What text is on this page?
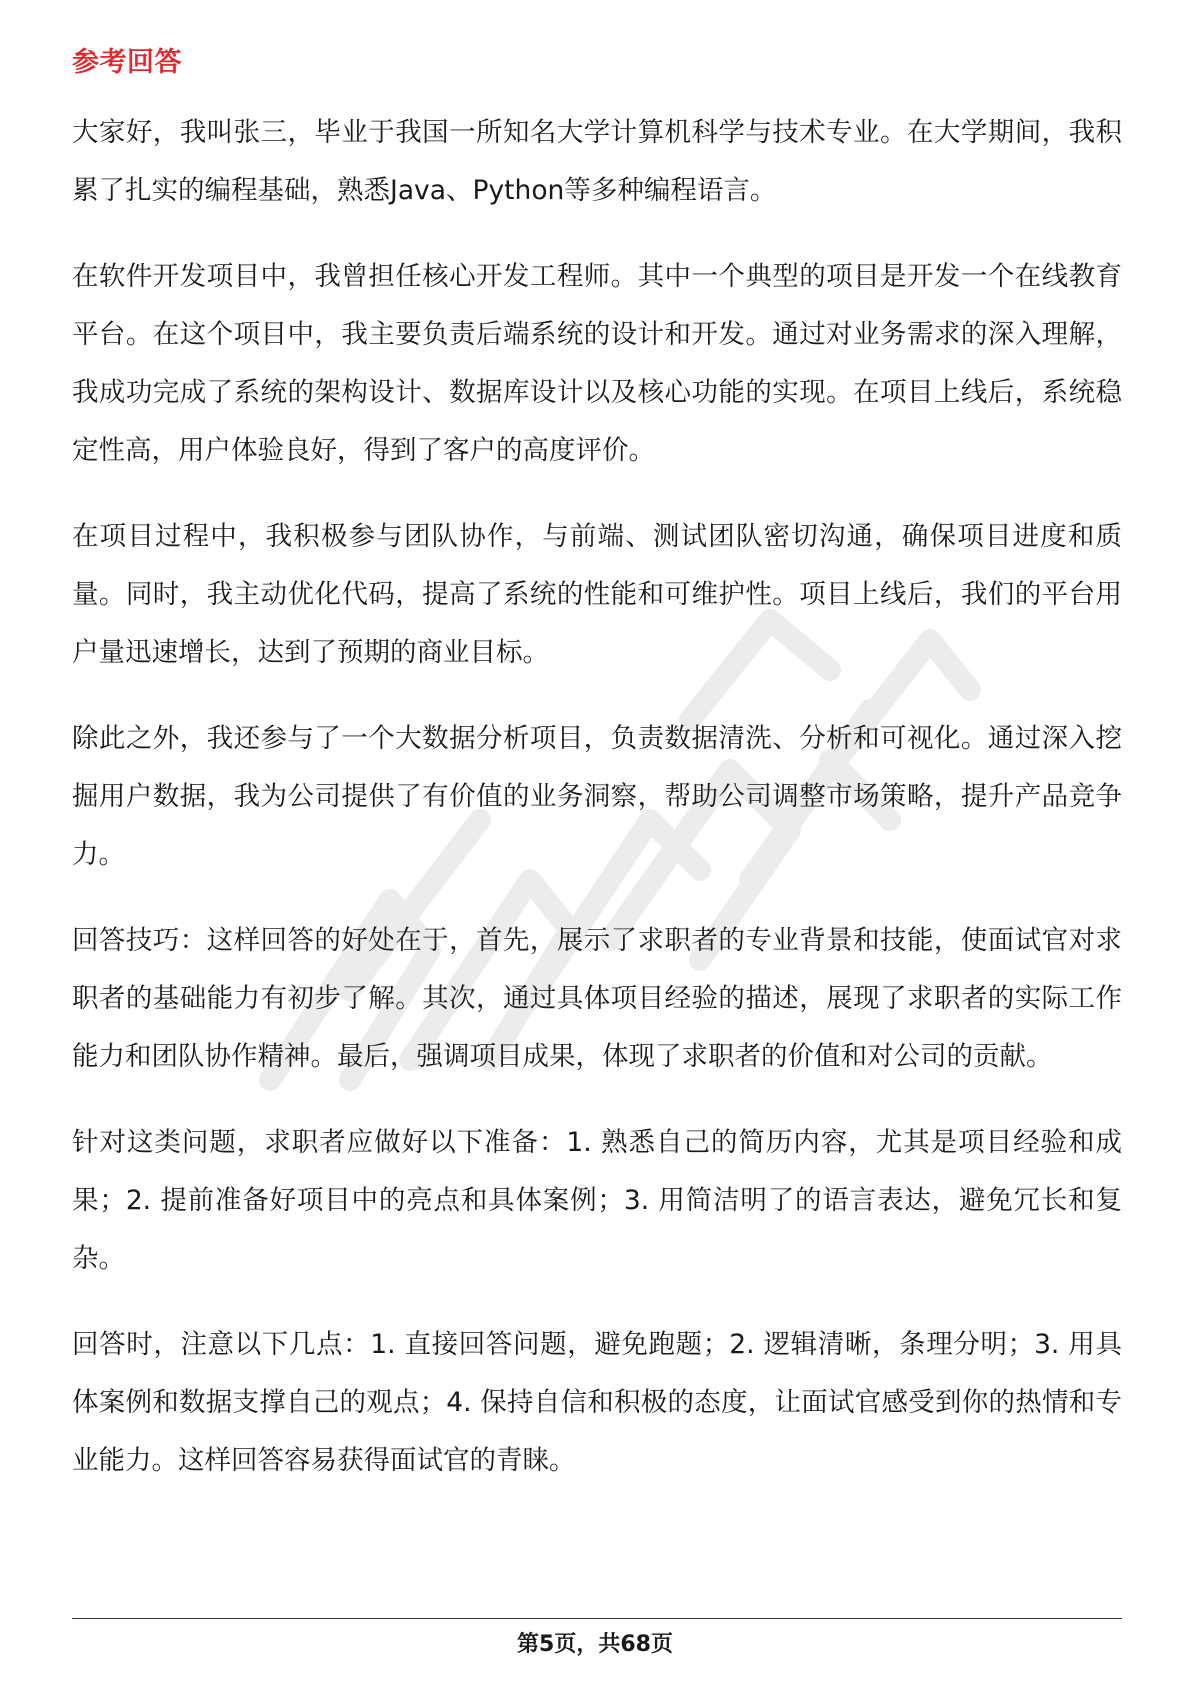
参考回答

大家好，我叫张三，毕业于我国一所知名大学计算机科学与技术专业。在大学期间，我积累了扎实的编程基础，熟悉Java、Python等多种编程语言。

在软件开发项目中，我曾担任核心开发工程师。其中一个典型的项目是开发一个在线教育平台。在这个项目中，我主要负责后端系统的设计和开发。通过对业务需求的深入理解，我成功完成了系统的架构设计、数据库设计以及核心功能的实现。在项目上线后，系统稳定性高，用户体验良好，得到了客户的高度评价。

在项目过程中，我积极参与团队协作，与前端、测试团队密切沟通，确保项目进度和质量。同时，我主动优化代码，提高了系统的性能和可维护性。项目上线后，我们的平台用户量迅速增长，达到了预期的商业目标。

除此之外，我还参与了一个大数据分析项目，负责数据清洗、分析和可视化。通过深入挖掘用户数据，我为公司提供了有价值的业务洞察，帮助公司调整市场策略，提升产品竞争力。

回答技巧：这样回答的好处在于，首先，展示了求职者的专业背景和技能，使面试官对求职者的基础能力有初步了解。其次，通过具体项目经验的描述，展现了求职者的实际工作能力和团队协作精神。最后，强调项目成果，体现了求职者的价值和对公司的贡献。

针对这类问题，求职者应做好以下准备：1. 熟悉自己的简历内容，尤其是项目经验和成果；2. 提前准备好项目中的亮点和具体案例；3. 用简洁明了的语言表达，避免冗长和复杂。

回答时，注意以下几点：1. 直接回答问题，避免跑题；2. 逻辑清晰，条理分明；3. 用具体案例和数据支撑自己的观点；4. 保持自信和积极的态度，让面试官感受到你的热情和专业能力。这样回答容易获得面试官的青睐。

第5页，共68页
